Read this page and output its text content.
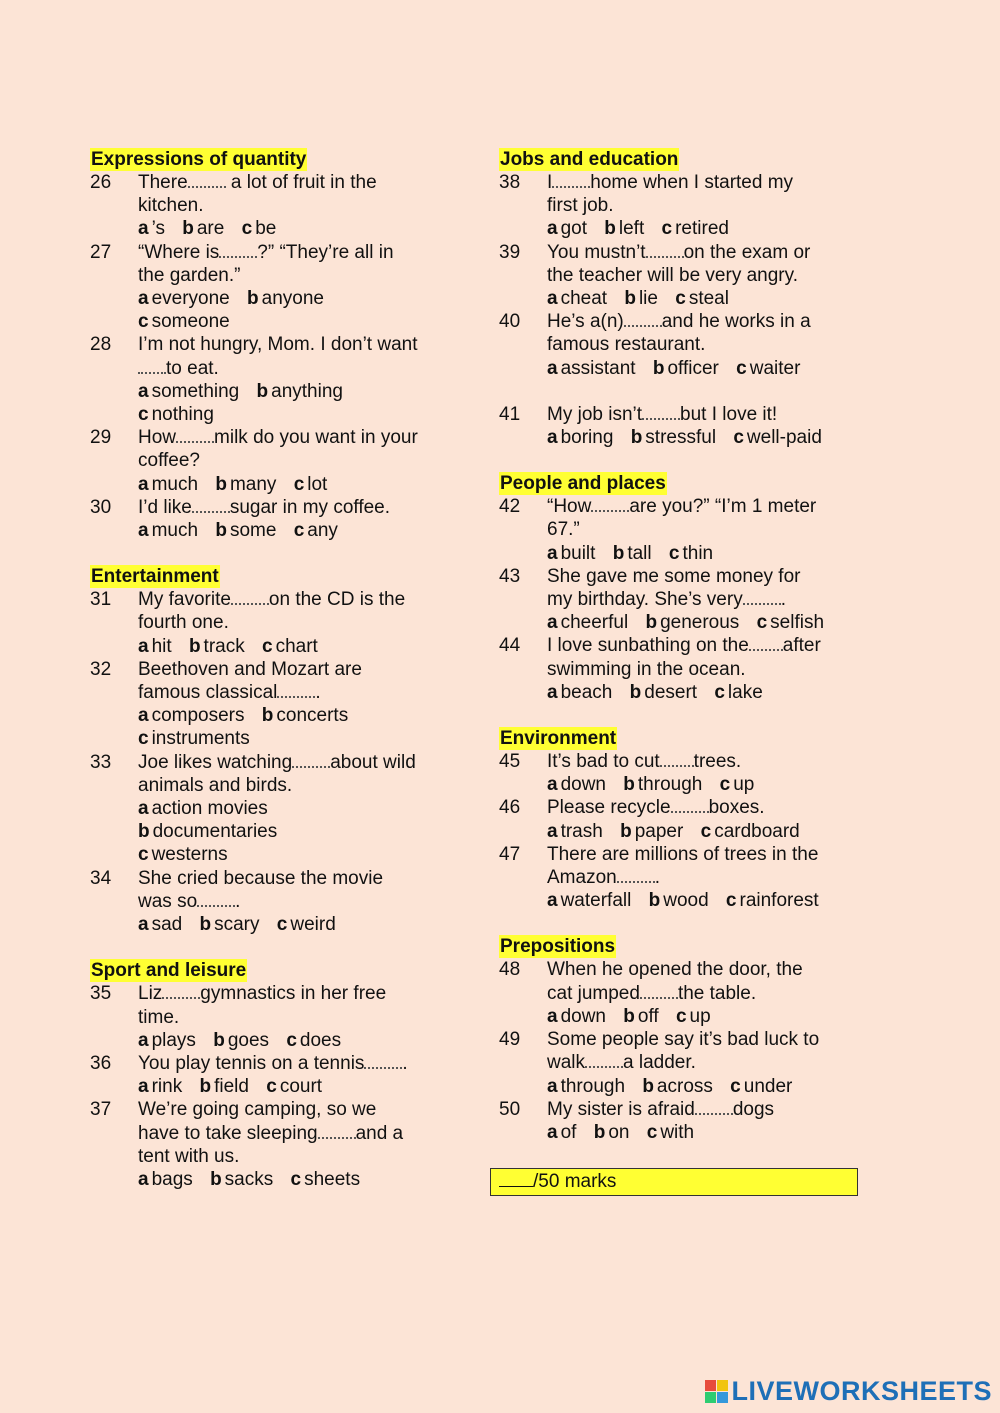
Expressions of quantity
26 There a lot of fruit in the
kitchen.
a ’s b are c be
27 “Where is ?” “They’re all in
the garden.”
a everyone b anyone
c someone
28 I’m not hungry, Mom. I don’t want
to eat.
a something b anything
c nothing
29 How milk do you want in your
coffee?
a much b many c lot
30 I’d like sugar in my coffee.
a much b some c any
Entertainment
31 My favorite on the CD is the
fourth one.
a hit b track c chart
32 Beethoven and Mozart are
famous classical .
a composers b concerts
c instruments
33 Joe likes watching about wild
animals and birds.
a action movies
b documentaries
c westerns
34 She cried because the movie
was so .
a sad b scary c weird
Sport and leisure
35 Liz gymnastics in her free
time.
a plays b goes c does
36 You play tennis on a tennis .
a rink b field c court
37 We’re going camping, so we
have to take sleeping and a
tent with us.
a bags b sacks c sheets
Jobs and education
38 I home when I started my
first job.
a got b left c retired
39 You mustn’t on the exam or
the teacher will be very angry.
a cheat b lie c steal
40 He’s a(n) and he works in a
famous restaurant.
a assistant b officer c waiter
41 My job isn’t but I love it!
a boring b stressful c well-paid
People and places
42 “How are you?” “I’m 1 meter
67.”
a built b tall c thin
43 She gave me some money for
my birthday. She’s very .
a cheerful b generous c selfish
44 I love sunbathing on the after
swimming in the ocean.
a beach b desert c lake
Environment
45 It’s bad to cut trees.
a down b through c up
46 Please recycle boxes.
a trash b paper c cardboard
47 There are millions of trees in the
Amazon .
a waterfall b wood c rainforest
Prepositions
48 When he opened the door, the
cat jumped the table.
a down b off c up
49 Some people say it’s bad luck to
walk a ladder.
a through b across c under
50 My sister is afraid dogs
a of b on c with
/50 marks
LIVEWORKSHEETS
